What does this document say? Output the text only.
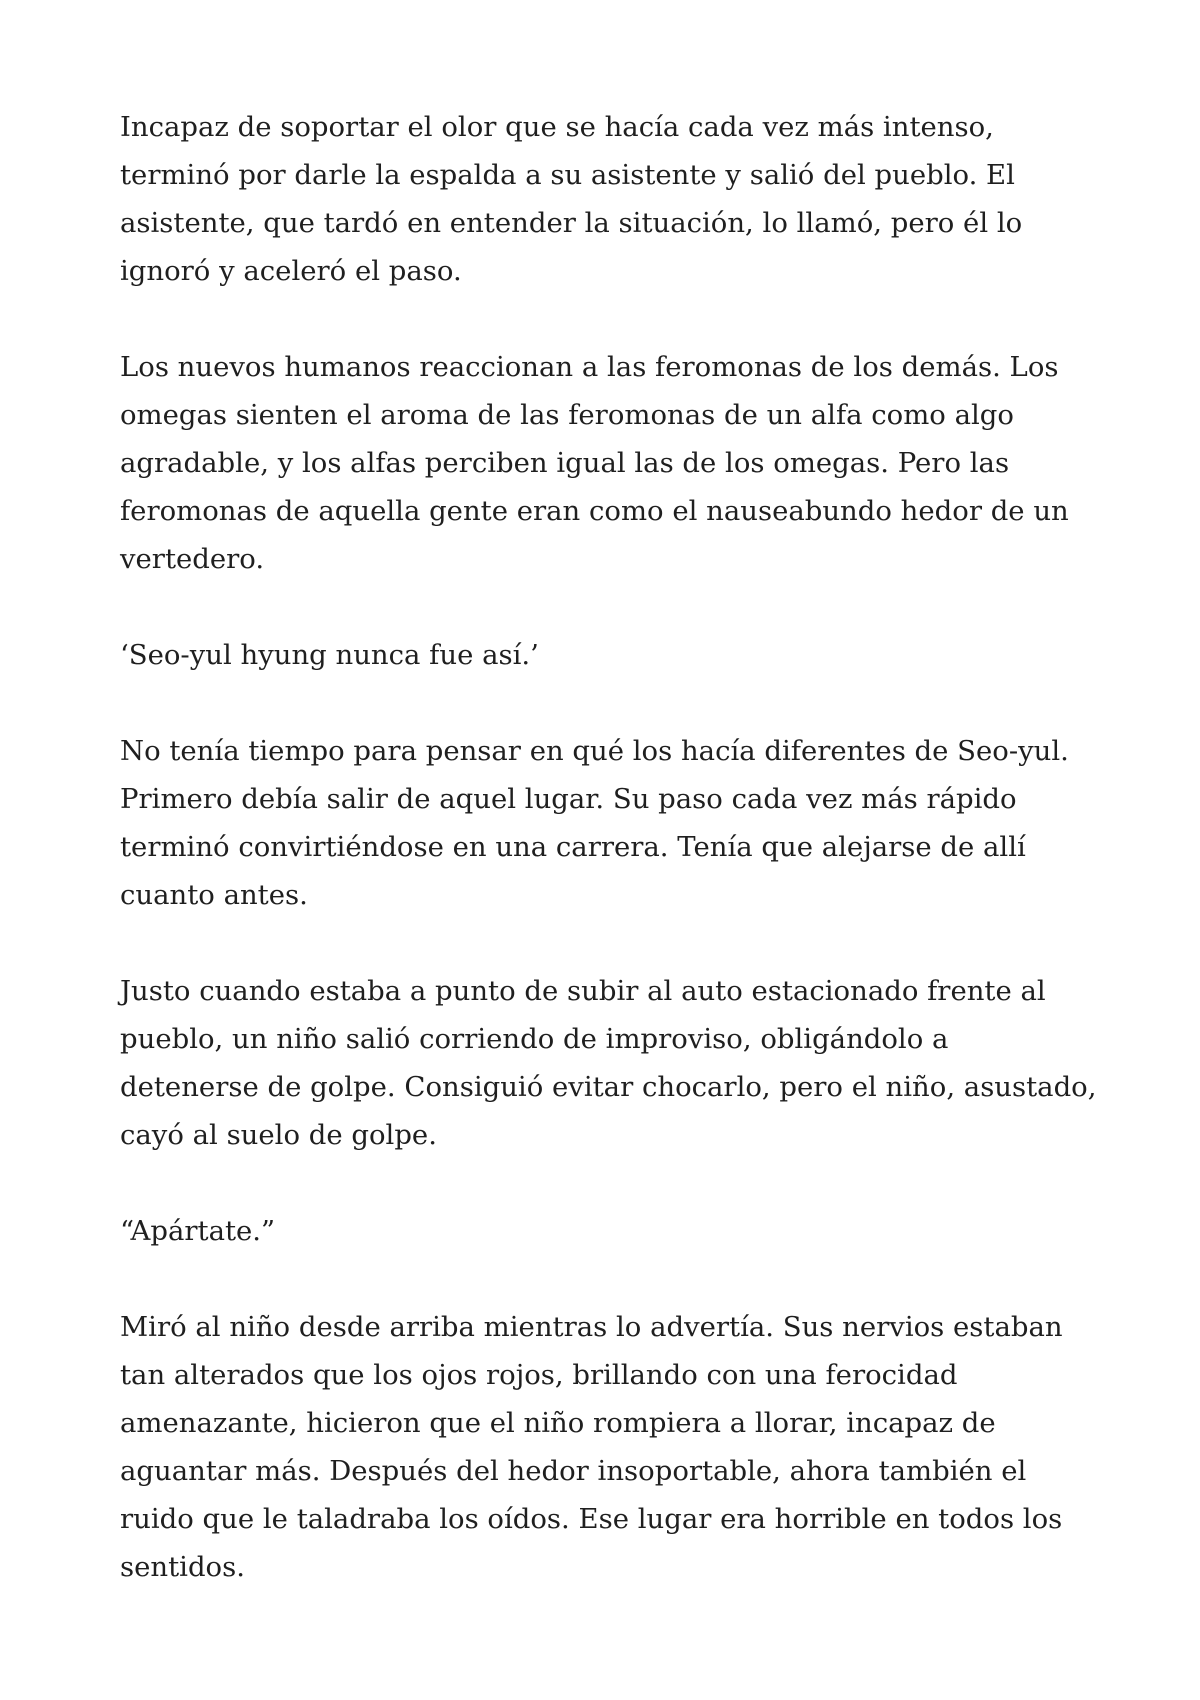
Incapaz de soportar el olor que se hacía cada vez más intenso,
terminó por darle la espalda a su asistente y salió del pueblo. El
asistente, que tardó en entender la situación, lo llamó, pero él lo
ignoró y aceleró el paso.

Los nuevos humanos reaccionan a las feromonas de los demás. Los
omegas sienten el aroma de las feromonas de un alfa como algo
agradable, y los alfas perciben igual las de los omegas. Pero las
feromonas de aquella gente eran como el nauseabundo hedor de un
vertedero.

‘Seo-yul hyung nunca fue así.’

No tenía tiempo para pensar en qué los hacía diferentes de Seo-yul.
Primero debía salir de aquel lugar. Su paso cada vez más rápido
terminó convirtiéndose en una carrera. Tenía que alejarse de allí
cuanto antes.

Justo cuando estaba a punto de subir al auto estacionado frente al
pueblo, un niño salió corriendo de improviso, obligándolo a
detenerse de golpe. Consiguió evitar chocarlo, pero el niño, asustado,
cayó al suelo de golpe.

“Apártate.”

Miró al niño desde arriba mientras lo advertía. Sus nervios estaban
tan alterados que los ojos rojos, brillando con una ferocidad
amenazante, hicieron que el niño rompiera a llorar, incapaz de
aguantar más. Después del hedor insoportable, ahora también el
ruido que le taladraba los oídos. Ese lugar era horrible en todos los
sentidos.
